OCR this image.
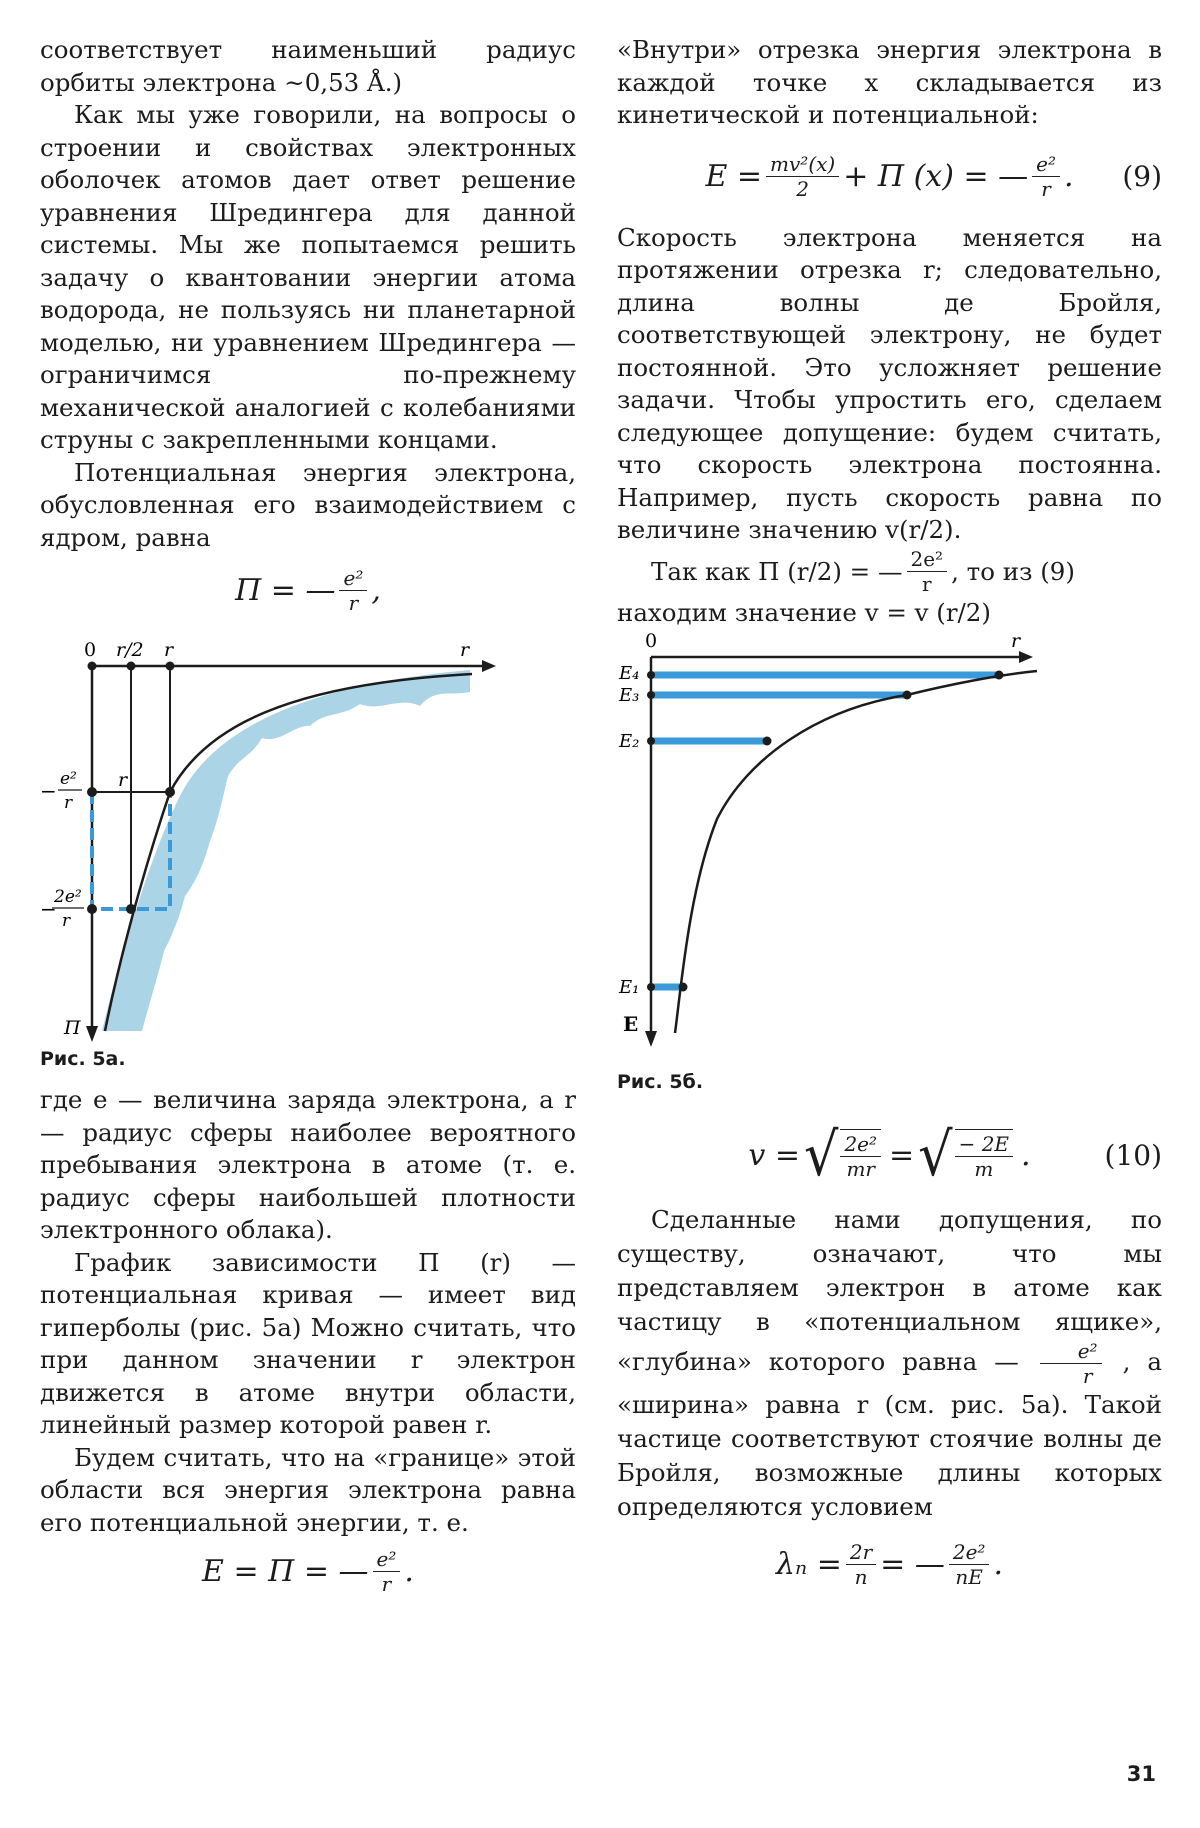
соответствует наименьший радиус орбиты электрона ~0,53 Å.)

Как мы уже говорили, на вопросы о строении и свойствах электронных оболочек атомов дает ответ решение уравнения Шредингера для данной системы. Мы же попытаемся решить задачу о квантовании энергии атома водорода, не пользуясь ни планетарной моделью, ни уравнением Шредингера — ограничимся по-прежнему механической аналогией с колебаниями струны с закрепленными концами.

Потенциальная энергия электрона, обусловленная его взаимодействием с ядром, равна

П = — $\frac{\text{e²}}{r}$ ,
0 r/2 r	r
r
− e²
r
−
2e²
r
П
Рис. 5а.

где e — величина заряда электрона, а r — радиус сферы наиболее вероятного пребывания электрона в атоме (т. е. радиус сферы наибольшей плотности электронного облака).

График зависимости П (r) — потенциальная кривая — имеет вид гиперболы (рис. 5а) Можно считать, что при данном значении r электрон движется в атоме внутри области, линейный размер которой равен r.

Будем считать, что на «границе» этой области вся энергия электрона равна его потенциальной энергии, т. е.

E = П = — $\frac{\text{e²}}{r}$ .

«Внутри» отрезка энергия электрона в каждой точке x складывается из кинетической и потенциальной:

$E = \frac{\text{mv²(x)}}{2} + П$ (x) = — $\frac{\text{e²}}{r}$ . (9)

Скорость электрона меняется на протяжении отрезка r; следовательно, длина волны де Бройля, соответствующей электрону, не будет постоянной. Это усложняет решение задачи. Чтобы упростить его, сделаем следующее допущение: будем считать, что скорость электрона постоянна. Например, пусть скорость равна по величине значению v(r/2).

Так как П (r/2) = — $\frac{\text{2e²}}{r}$ , то из (9)

находим значение v = v (r/2)

0	r
E₄
E₃
E₂
E₁
E
Рис. 5б.
v = √ $\frac{\text{2e²}}{mr}$ = √ $\frac{- 2E}{m}$ .	(10)

Сделанные нами допущения, по существу, означают, что мы представляем электрон в атоме как частицу в «потенциальном ящике», «глубина» которого равна — $\frac{\text{e²}}{r}$ , а «ширина» равна r (см. рис. 5а). Такой частице соответствуют стоячие волны де Бройля, возможные длины которых определяются условием

$\lambda_n = \frac{2r}{n}$ = — $\frac{\text{2e²}}{nE}$ .
31
